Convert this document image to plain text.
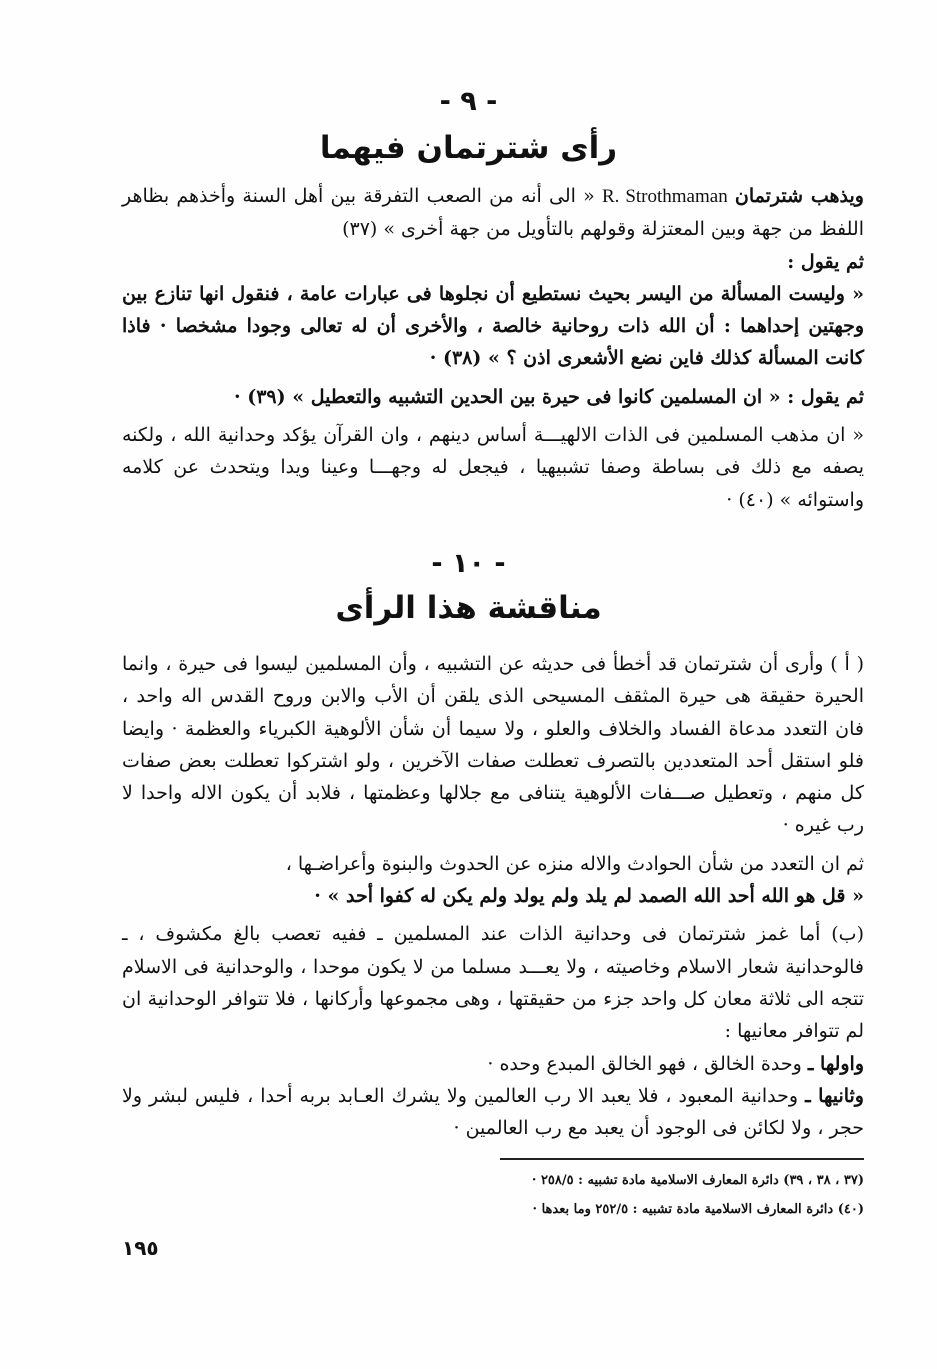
- ٩ -
رأى شترتمان فيهما

ويذهب شترتمان R. Strothmaman « الى أنه من الصعب التفرقة بين أهل السنة وأخذهم بظاهر اللفظ من جهة وبين المعتزلة وقولهم بالتأويل من جهة أخرى » (٣٧)

ثم يقول :

« وليست المسألة من اليسر بحيث نستطيع أن نجلوها فى عبارات عامة ، فنقول انها تنازع بين وجهتين إحداهما : أن الله ذات روحانية خالصة ، والأخرى أن له تعالى وجودا مشخصا · فاذا كانت المسألة كذلك فاين نضع الأشعرى اذن ؟ » (٣٨) ·

ثم يقول : « ان المسلمين كانوا فى حيرة بين الحدين التشبيه والتعطيل » (٣٩) ·

« ان مذهب المسلمين فى الذات الالهيـــة أساس دينهم ، وان القرآن يؤكد وحدانية الله ، ولكنه يصفه مع ذلك فى بساطة وصفا تشبيهيا ، فيجعل له وجهـــا وعينا ويدا ويتحدث عن كلامه واستوائه » (٤٠) ·

- ١٠ -
مناقشة هذا الرأى

( أ ) وأرى أن شترتمان قد أخطأ فى حديثه عن التشبيه ، وأن المسلمين ليسوا فى حيرة ، وانما الحيرة حقيقة هى حيرة المثقف المسيحى الذى يلقن أن الأب والابن وروح القدس اله واحد ، فان التعدد مدعاة الفساد والخلاف والعلو ، ولا سيما أن شأن الألوهية الكبرياء والعظمة · وايضا فلو استقل أحد المتعددين بالتصرف تعطلت صفات الآخرين ، ولو اشتركوا تعطلت بعض صفات كل منهم ، وتعطيل صـــفات الألوهية يتنافى مع جلالها وعظمتها ، فلابد أن يكون الاله واحدا لا رب غيره ·

ثم ان التعدد من شأن الحوادث والاله منزه عن الحدوث والبنوة وأعراضـها ،

« قل هو الله أحد الله الصمد لم يلد ولم يولد ولم يكن له كفوا أحد » ·

(ب) أما غمز شترتمان فى وحدانية الذات عند المسلمين ـ ففيه تعصب بالغ مكشوف ، ـ فالوحدانية شعار الاسلام وخاصيته ، ولا يعـــد مسلما من لا يكون موحدا ، والوحدانية فى الاسلام تتجه الى ثلاثة معان كل واحد جزء من حقيقتها ، وهى مجموعها وأركانها ، فلا تتوافر الوحدانية ان لم تتوافر معانيها :

واولها ـ وحدة الخالق ، فهو الخالق المبدع وحده ·

وثانيها ـ وحدانية المعبود ، فلا يعبد الا رب العالمين ولا يشرك العـابد بربه أحدا ، فليس لبشر ولا حجر ، ولا لكائن فى الوجود أن يعبد مع رب العالمين ·

(٣٧ ، ٣٨ ، ٣٩) دائرة المعارف الاسلامية مادة تشبيه : ٢٥٨/٥ ·

(٤٠) دائرة المعارف الاسلامية مادة تشبيه : ٢٥٢/٥ وما بعدها ·

١٩٥
